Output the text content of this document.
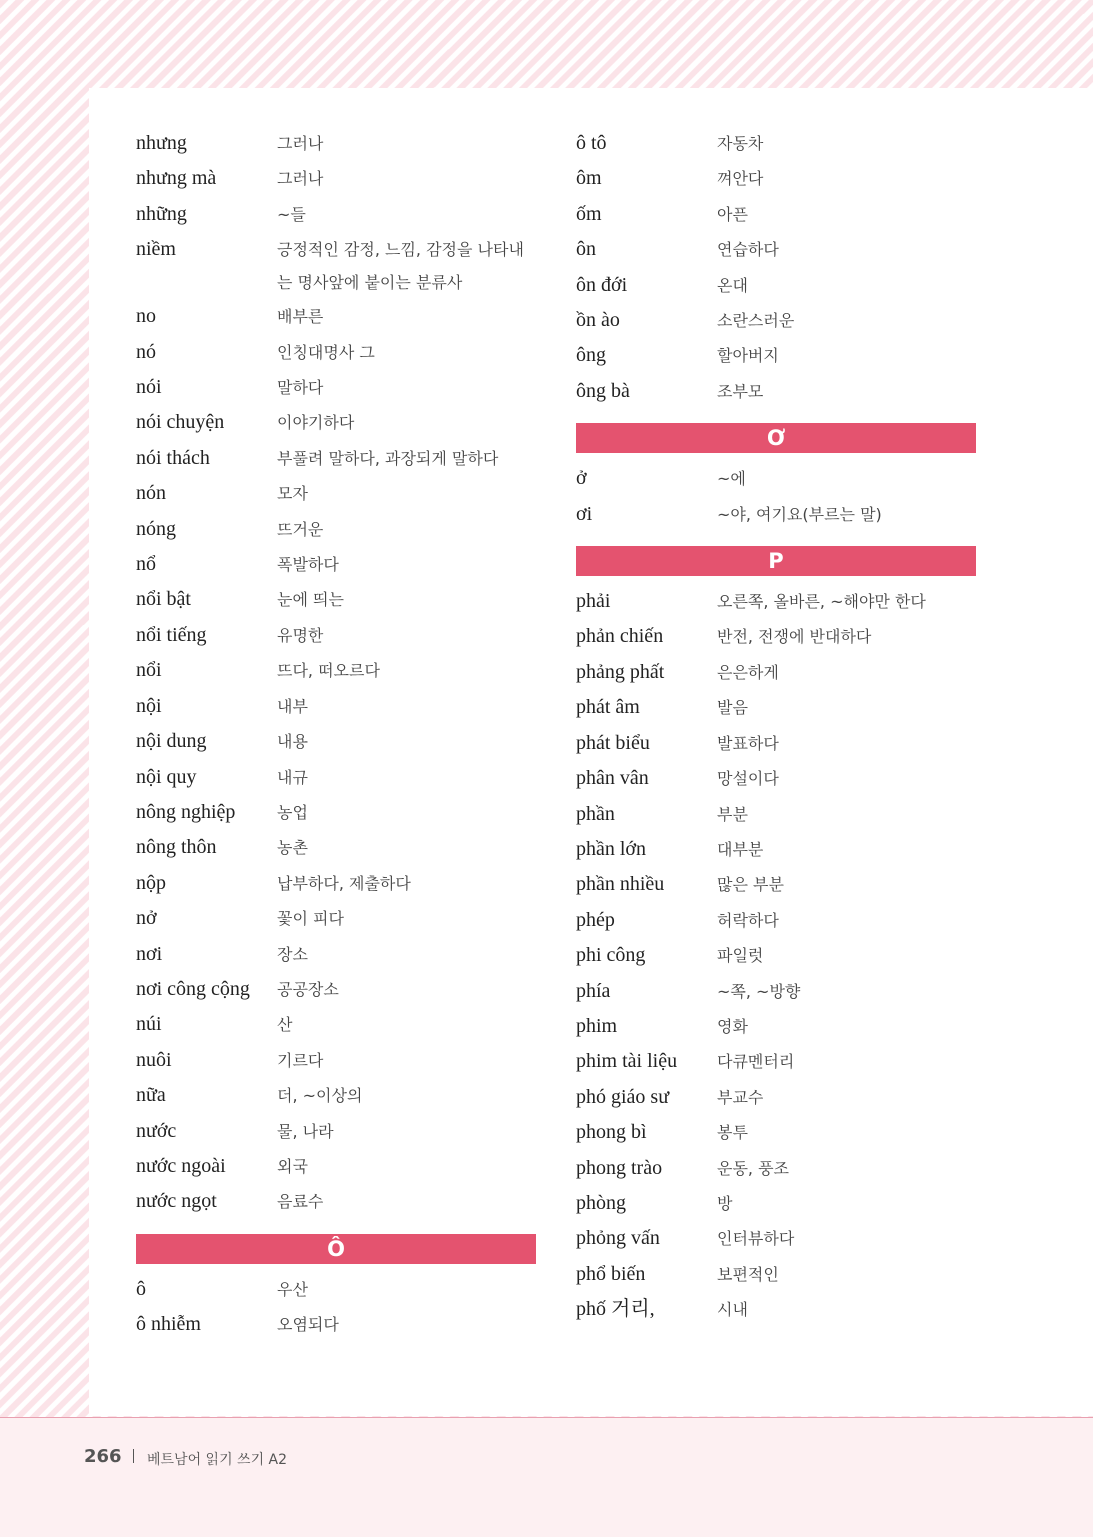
nhưng	그러나
nhưng mà	그러나
những	~들
niềm	긍정적인 감정, 느낌, 감정을 나타내는 명사앞에 붙이는 분류사
no	배부른
nó	인칭대명사 그
nói	말하다
nói chuyện	이야기하다
nói thách	부풀려 말하다, 과장되게 말하다
nón	모자
nóng	뜨거운
nổ	폭발하다
nổi bật	눈에 띄는
nổi tiếng	유명한
nổi	뜨다, 떠오르다
nội	내부
nội dung	내용
nội quy	내규
nông nghiệp	농업
nông thôn	농촌
nộp	납부하다, 제출하다
nở	꽃이 피다
nơi	장소
nơi công cộng	공공장소
núi	산
nuôi	기르다
nữa	더, ~이상의
nước	물, 나라
nước ngoài	외국
nước ngọt	음료수
Ô
ô	우산
ô nhiễm	오염되다
ô tô	자동차
ôm	껴안다
ốm	아픈
ôn	연습하다
ôn đới	온대
ồn ào	소란스러운
ông	할아버지
ông bà	조부모
Ơ
ở	~에
ơi	~야, 여기요(부르는 말)
P
phải	오른쪽, 올바른, ~해야만 한다
phản chiến	반전, 전쟁에 반대하다
phảng phất	은은하게
phát âm	발음
phát biểu	발표하다
phân vân	망설이다
phần	부분
phần lớn	대부분
phần nhiều	많은 부분
phép	허락하다
phi công	파일럿
phía	~쪽, ~방향
phim	영화
phim tài liệu	다큐멘터리
phó giáo sư	부교수
phong bì	봉투
phong trào	운동, 풍조
phòng	방
phỏng vấn	인터뷰하다
phổ biến	보편적인
phố 거리,	시내
266 베트남어 읽기 쓰기 A2
